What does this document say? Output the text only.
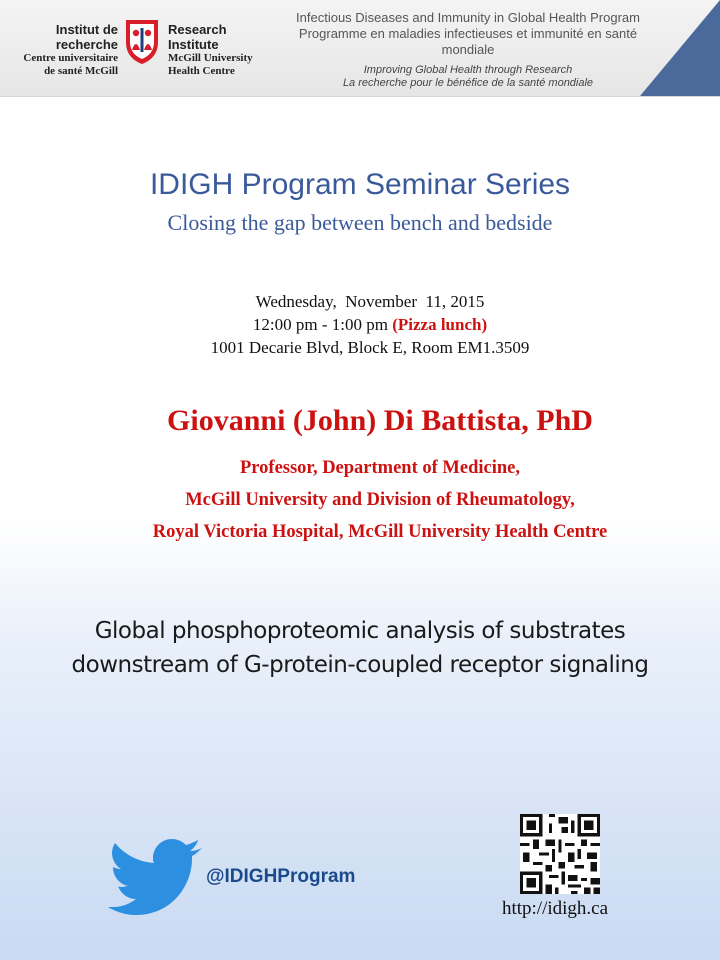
Institut de
recherche
Centre universitaire
de santé McGill
Research
Institute
McGill University
Health Centre
Infectious Diseases and Immunity in Global Health Program
Programme en maladies infectieuses et immunité en santé mondiale
Improving Global Health through Research
La recherche pour le bénéfice de la santé mondiale
IDIGH Program Seminar Series
Closing the gap between bench and bedside
Wednesday,  November  11, 2015
12:00 pm - 1:00 pm (Pizza lunch)
1001 Decarie Blvd, Block E, Room EM1.3509
Giovanni (John) Di Battista, PhD
Professor, Department of Medicine,
McGill University and Division of Rheumatology,
Royal Victoria Hospital, McGill University Health Centre
Global phosphoproteomic analysis of substrates
downstream of G-protein-coupled receptor signaling
@IDIGHProgram
http://idigh.ca
